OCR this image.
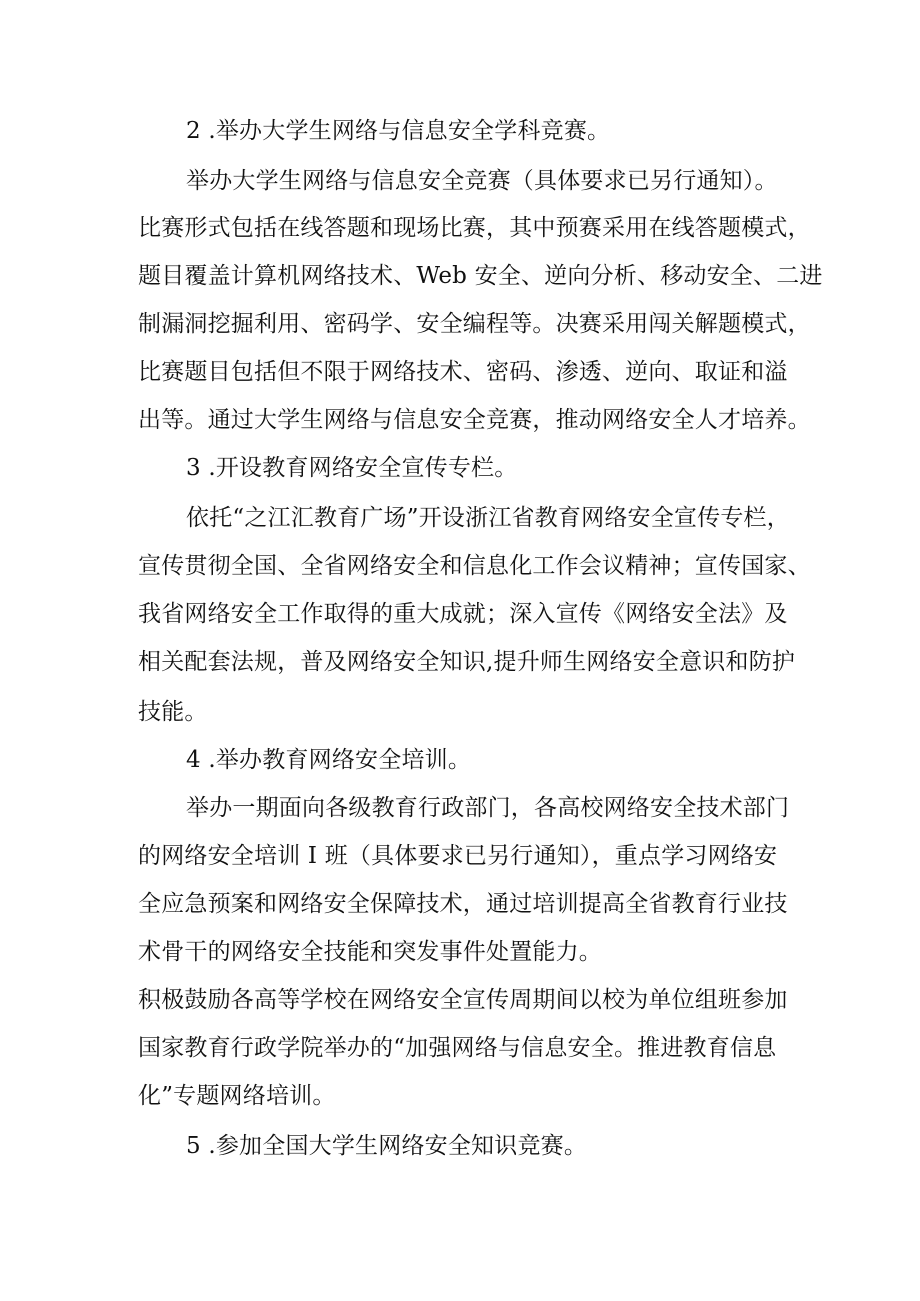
2 .举办大学生网络与信息安全学科竞赛。

举办大学生网络与信息安全竞赛（具体要求已另行通知）。

比赛形式包括在线答题和现场比赛，其中预赛采用在线答题模式，

题目覆盖计算机网络技术、Web 安全、逆向分析、移动安全、二进

制漏洞挖掘利用、密码学、安全编程等。决赛采用闯关解题模式，

比赛题目包括但不限于网络技术、密码、渗透、逆向、取证和溢

出等。通过大学生网络与信息安全竞赛，推动网络安全人才培养。

3 .开设教育网络安全宣传专栏。

依托“之江汇教育广场”开设浙江省教育网络安全宣传专栏，

宣传贯彻全国、全省网络安全和信息化工作会议精神；宣传国家、

我省网络安全工作取得的重大成就；深入宣传《网络安全法》及

相关配套法规，普及网络安全知识,提升师生网络安全意识和防护

技能。

4 .举办教育网络安全培训。

举办一期面向各级教育行政部门，各高校网络安全技术部门

的网络安全培训 I 班（具体要求已另行通知），重点学习网络安

全应急预案和网络安全保障技术，通过培训提高全省教育行业技

术骨干的网络安全技能和突发事件处置能力。

积极鼓励各高等学校在网络安全宣传周期间以校为单位组班参加

国家教育行政学院举办的“加强网络与信息安全。推进教育信息

化”专题网络培训。

5 .参加全国大学生网络安全知识竞赛。
